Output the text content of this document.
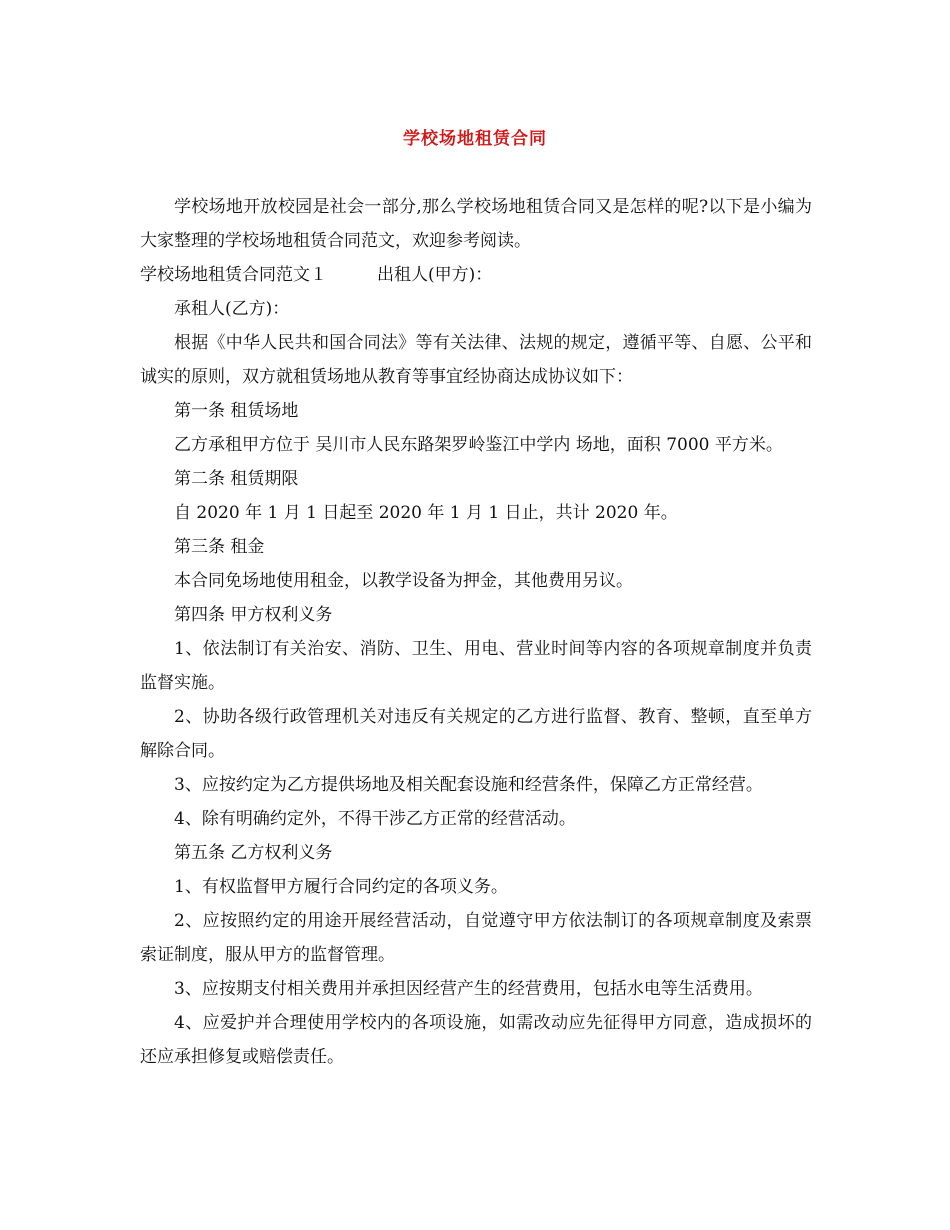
学校场地租赁合同

学校场地开放校园是社会一部分,那么学校场地租赁合同又是怎样的呢?以下是小编为大家整理的学校场地租赁合同范文，欢迎参考阅读。

学校场地租赁合同范文１	出租人(甲方)：

承租人(乙方)：

根据《中华人民共和国合同法》等有关法律、法规的规定，遵循平等、自愿、公平和诚实的原则，双方就租赁场地从教育等事宜经协商达成协议如下：

第一条 租赁场地

乙方承租甲方位于 吴川市人民东路架罗岭鉴江中学内 场地，面积 7000 平方米。

第二条 租赁期限

自 2020 年 1 月 1 日起至 2020 年 1 月 1 日止，共计 2020 年。

第三条 租金

本合同免场地使用租金，以教学设备为押金，其他费用另议。

第四条 甲方权利义务

1、依法制订有关治安、消防、卫生、用电、营业时间等内容的各项规章制度并负责监督实施。

2、协助各级行政管理机关对违反有关规定的乙方进行监督、教育、整顿，直至单方解除合同。

3、应按约定为乙方提供场地及相关配套设施和经营条件，保障乙方正常经营。

4、除有明确约定外，不得干涉乙方正常的经营活动。

第五条 乙方权利义务

1、有权监督甲方履行合同约定的各项义务。

2、应按照约定的用途开展经营活动，自觉遵守甲方依法制订的各项规章制度及索票索证制度，服从甲方的监督管理。

3、应按期支付相关费用并承担因经营产生的经营费用，包括水电等生活费用。

4、应爱护并合理使用学校内的各项设施，如需改动应先征得甲方同意，造成损坏的还应承担修复或赔偿责任。
